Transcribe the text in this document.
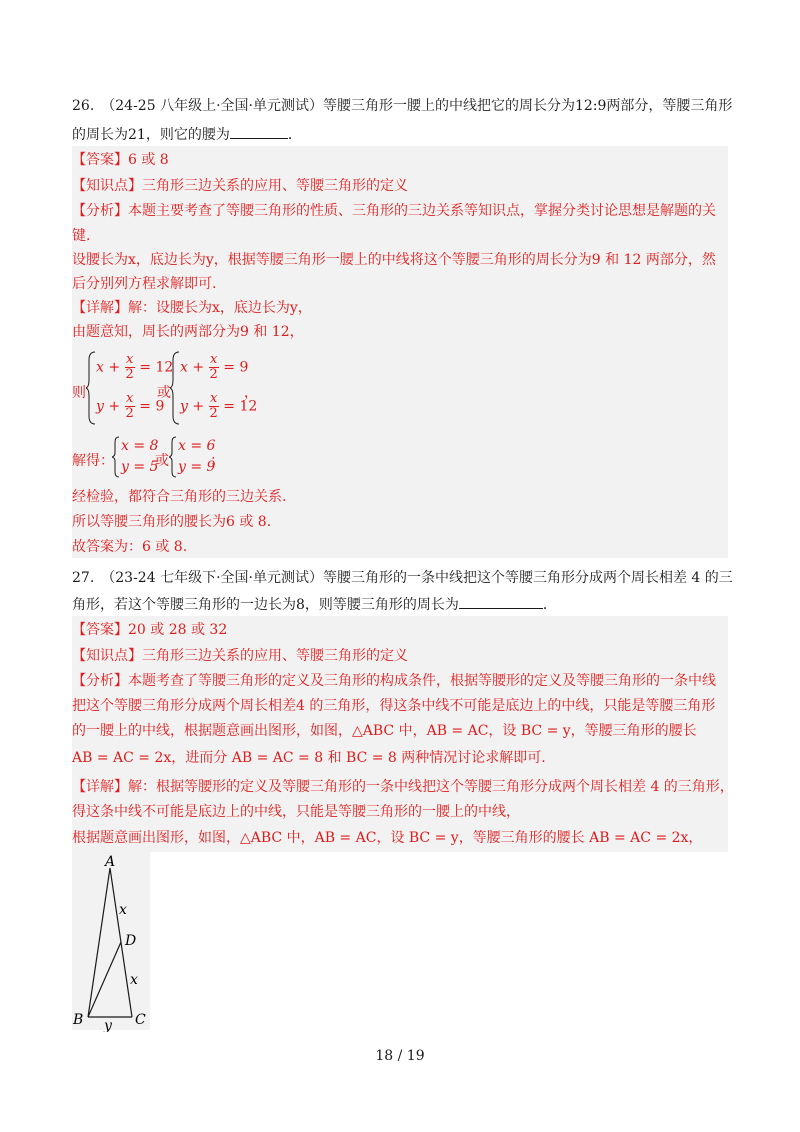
26.　（24-25 八年级上·全国·单元测试）等腰三角形一腰上的中线把它的周长分为12:9两部分，等腰三角形
的周长为21，则它的腰为	．
【答案】6 或 8
【知识点】三角形三边关系的应用、等腰三角形的定义
【分析】本题主要考查了等腰三角形的性质、三角形的三边关系等知识点，掌握分类讨论思想是解题的关
键.
设腰长为x，底边长为y，根据等腰三角形一腰上的中线将这个等腰三角形的周长分为9 和 12 两部分，然
后分别列方程求解即可.
【详解】解：设腰长为x，底边长为y，
由题意知，周长的两部分为9 和 12，
则
$x + \frac{x}{2} = 12$
$y + \frac{x}{2} = 9$
或
$x + \frac{x}{2} = 9$
$y + \frac{x}{2} = 12$
，
解得：
x = 8
y = 5
或
x = 6
y = 9
；
经检验，都符合三角形的三边关系.
所以等腰三角形的腰长为6 或 8.
故答案为：6 或 8.
27.　（23-24 七年级下·全国·单元测试）等腰三角形的一条中线把这个等腰三角形分成两个周长相差 4 的三
角形，若这个等腰三角形的一边长为8，则等腰三角形的周长为	．
【答案】20 或 28 或 32
【知识点】三角形三边关系的应用、等腰三角形的定义
【分析】本题考查了等腰三角形的定义及三角形的构成条件，根据等腰形的定义及等腰三角形的一条中线
把这个等腰三角形分成两个周长相差4 的三角形，得这条中线不可能是底边上的中线，只能是等腰三角形
的一腰上的中线，根据题意画出图形，如图，△ABC 中，AB = AC，设 BC = y，等腰三角形的腰长
AB = AC = 2x，进而分 AB = AC = 8 和 BC = 8 两种情况讨论求解即可.
【详解】解：根据等腰形的定义及等腰三角形的一条中线把这个等腰三角形分成两个周长相差 4 的三角形，
得这条中线不可能是底边上的中线，只能是等腰三角形的一腰上的中线，
根据题意画出图形，如图，△ABC 中，AB = AC，设 BC = y，等腰三角形的腰长 AB = AC = 2x，
A
B	C
D
x
x
y
18 / 19
